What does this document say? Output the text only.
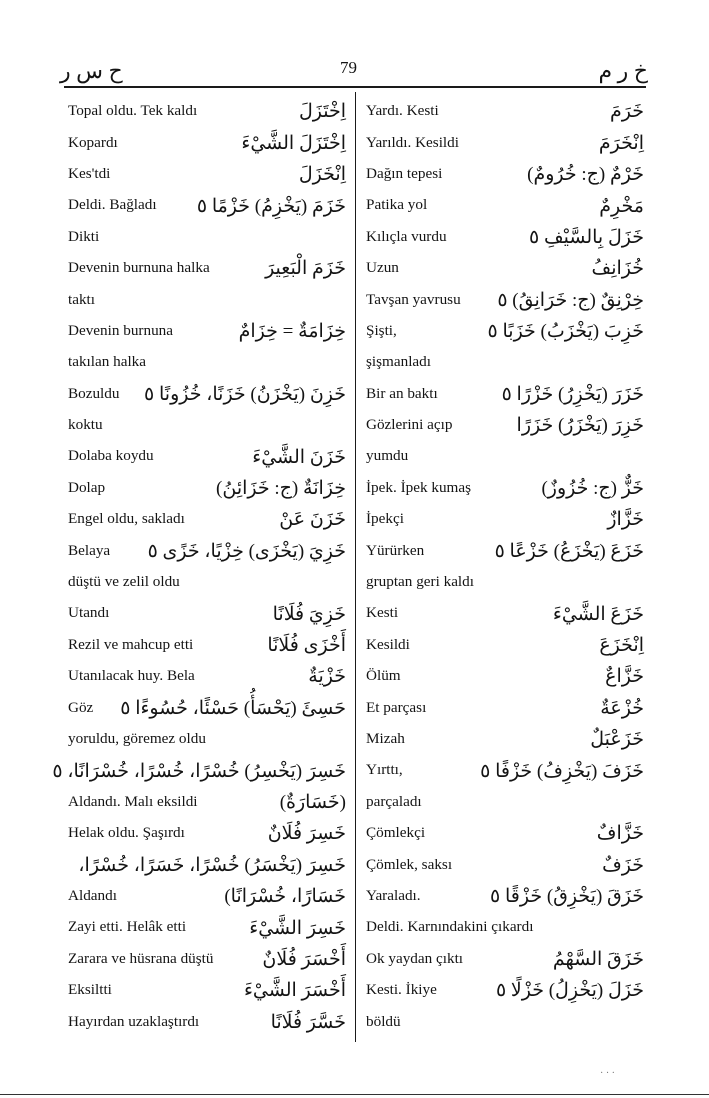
ح س ر	79	خ ر م
Topal oldu. Tek kaldı	اِخْتَزَلَ
Kopardı	اِخْتَزَلَ الشَّيْءَ
Kes'tdi	اِنْخَزَلَ
Deldi. Bağladı خَزَمَ (يَخْزِمُ) خَزْمًا ٥
Dikti
Devenin burnuna halka	خَزَمَ الْبَعِيرَ
taktı
Devenin burnuna	خِزَامَةٌ = خِزَامٌ
takılan halka
Bozuldu خَزِنَ (يَخْزَنُ) خَزَنًا، خُزُونًا ٥
koktu
Dolaba koydu	خَزَنَ الشَّيْءَ
Dolap	خِزَانَةٌ (ج: خَزَائِنُ)
Engel oldu, sakladı	خَزَنَ عَنْ
Belaya خَزِيَ (يَخْزَى) خِزْيًا، خَزًى ٥
düştü ve zelil oldu
Utandı	خَزِيَ فُلَانًا
Rezil ve mahcup etti	أَخْزَى فُلَانًا
Utanılacak huy. Bela	خَزْيَةٌ
Göz حَسِئَ (يَحْسَأُ) حَسْئًا، حُسُوءًا ٥
yoruldu, göremez oldu
خَسِرَ (يَخْسِرُ) خُسْرًا، خُسْرًا، خُسْرَانًا، ٥
Aldandı. Malı eksildi	(خَسَارَةٌ)
Helak oldu. Şaşırdı	خَسِرَ فُلَانٌ
خَسِرَ (يَخْسَرُ) خُسْرًا، خَسَرًا، خُسْرًا،
Aldandı	خَسَارًا، خُسْرَانًا)
Zayi etti. Helâk etti	خَسِرَ الشَّيْءَ
Zarara ve hüsrana düştü	أَخْسَرَ فُلَانٌ
Eksiltti	أَخْسَرَ الشَّيْءَ
Hayırdan uzaklaştırdı	خَسَّرَ فُلَانًا
Yardı. Kesti	خَرَمَ
Yarıldı. Kesildi	اِنْخَرَمَ
Dağın tepesi	خَرْمٌ (ج: خُرُومٌ)
Patika yol	مَخْرِمٌ
Kılıçla vurdu	خَزَلَ بِالسَّيْفِ ٥
Uzun	خُزَانِفُ
Tavşan yavrusu خِرْنِقٌ (ج: خَرَانِقُ) ٥
Şişti,	خَزِبَ (يَخْزَبُ) خَزَبًا ٥
şişmanladı
Bir an baktı	خَزَرَ (يَخْزِرُ) خَزْرًا ٥
Gözlerini açıp	خَزِرَ (يَخْزَرُ) خَزَرًا
yumdu
İpek. İpek kumaş	خَزٌّ (ج: خُزُوزٌ)
İpekçi	خَزَّازٌ
Yürürken	خَزَعَ (يَخْزَعُ) خَزْعًا ٥
gruptan geri kaldı
Kesti	خَزَعَ الشَّيْءَ
Kesildi	اِنْخَزَعَ
Ölüm	خَزَّاعٌ
Et parçası	خُزْعَةٌ
Mizah	خَزَعْبَلٌ
Yırttı,	خَزَفَ (يَخْزِفُ) خَزْفًا ٥
parçaladı
Çömlekçi	خَزَّافٌ
Çömlek, saksı	خَزَفٌ
Yaraladı.	خَزَقَ (يَخْزِقُ) خَزْقًا ٥
Deldi. Karnındakini çıkardı
Ok yaydan çıktı	خَزَقَ السَّهْمُ
Kesti. İkiye	خَزَلَ (يَخْزِلُ) خَزْلًا ٥
böldü
· · ·
